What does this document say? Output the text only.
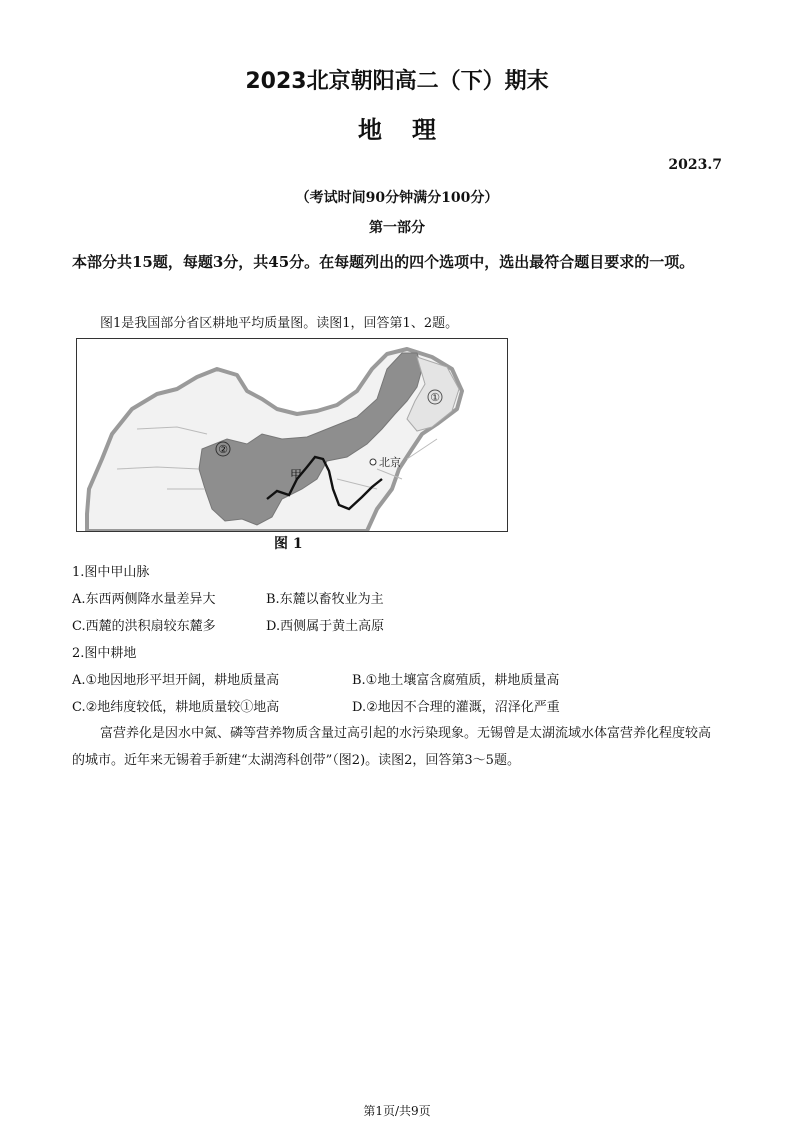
2023北京朝阳高二（下）期末
地理
2023.7
（考试时间90分钟满分100分）
第一部分
本部分共15题，每题3分，共45分。在每题列出的四个选项中，选出最符合题目要求的一项。
图1是我国部分省区耕地平均质量图。读图1，回答第1、2题。
①
②
甲
北京
图 1
1.图中甲山脉
A.东西两侧降水量差异大	B.东麓以畜牧业为主
C.西麓的洪积扇较东麓多	D.西侧属于黄土高原
2.图中耕地
A.①地因地形平坦开阔，耕地质量高	B.①地土壤富含腐殖质，耕地质量高
C.②地纬度较低，耕地质量较①地高	D.②地因不合理的灌溉，沼泽化严重
富营养化是因水中氮、磷等营养物质含量过高引起的水污染现象。无锡曾是太湖流域水体富营养化程度较高的城市。近年来无锡着手新建“太湖湾科创带”（图2)。读图2，回答第3～5题。
第1页/共9页
